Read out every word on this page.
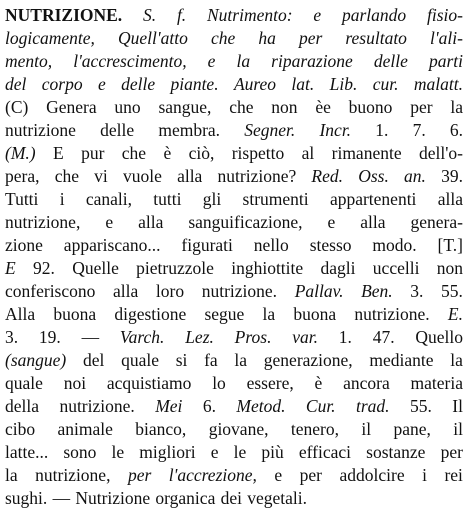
NUTRIZIONE. S. f. Nutrimento: e parlando fisio-
logicamente, Quell'atto che ha per resultato l'ali-
mento, l'accrescimento, e la riparazione delle parti
del corpo e delle piante. Aureo lat. Lib. cur. malatt.
(C) Genera uno sangue, che non èe buono per la
nutrizione delle membra. Segner. Incr. 1. 7. 6.
(M.) E pur che è ciò, rispetto al rimanente dell'o-
pera, che vi vuole alla nutrizione? Red. Oss. an. 39.
Tutti i canali, tutti gli strumenti appartenenti alla
nutrizione, e alla sanguificazione, e alla genera-
zione appariscano... figurati nello stesso modo. [T.]
E 92. Quelle pietruzzole inghiottite dagli uccelli non
conferiscono alla loro nutrizione. Pallav. Ben. 3. 55.
Alla buona digestione segue la buona nutrizione. E.
3. 19. — Varch. Lez. Pros. var. 1. 47. Quello
(sangue) del quale si fa la generazione, mediante la
quale noi acquistiamo lo essere, è ancora materia
della nutrizione. Mei 6. Metod. Cur. trad. 55. Il
cibo animale bianco, giovane, tenero, il pane, il
latte... sono le migliori e le più efficaci sostanze per
la nutrizione, per l'accrezione, e per addolcire i rei
sughi. — Nutrizione organica dei vegetali.
